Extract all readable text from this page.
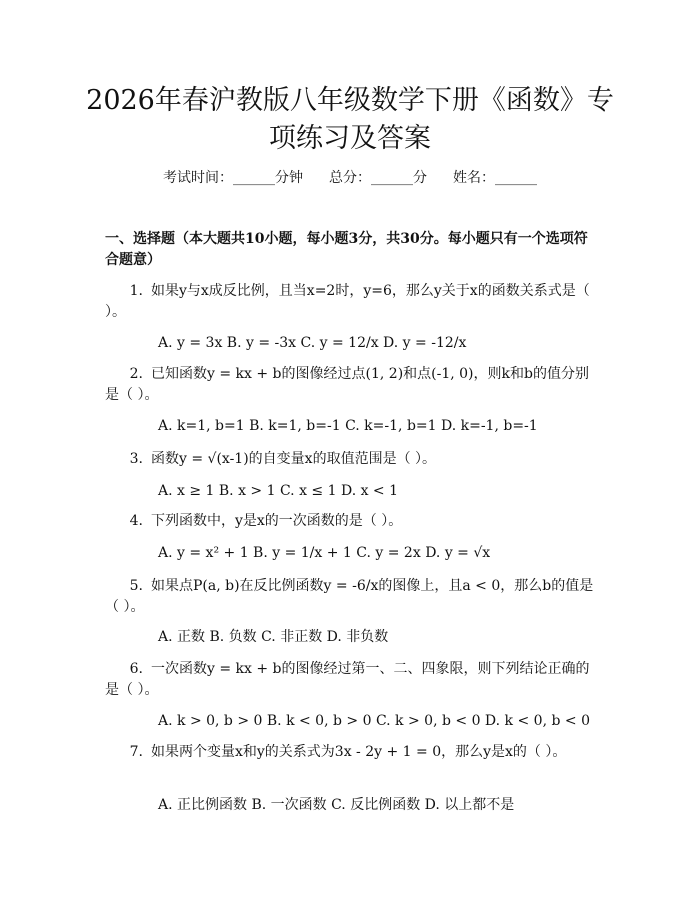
2026年春沪教版八年级数学下册《函数》专项练习及答案
考试时间：______分钟 总分：______分 姓名：______
一、选择题（本大题共10小题，每小题3分，共30分。每小题只有一个选项符合题意）
1. 如果y与x成反比例，且当x=2时，y=6，那么y关于x的函数关系式是（ ）。
A. y = 3x B. y = -3x C. y = 12/x D. y = -12/x
2. 已知函数y = kx + b的图像经过点(1, 2)和点(-1, 0)，则k和b的值分别是（ ）。
A. k=1, b=1 B. k=1, b=-1 C. k=-1, b=1 D. k=-1, b=-1
3. 函数y = √(x-1)的自变量x的取值范围是（ ）。
A. x ≥ 1 B. x > 1 C. x ≤ 1 D. x < 1
4. 下列函数中，y是x的一次函数的是（ ）。
A. y = x² + 1 B. y = 1/x + 1 C. y = 2x D. y = √x
5. 如果点P(a, b)在反比例函数y = -6/x的图像上，且a < 0，那么b的值是（ ）。
A. 正数 B. 负数 C. 非正数 D. 非负数
6. 一次函数y = kx + b的图像经过第一、二、四象限，则下列结论正确的是（ ）。
A. k > 0, b > 0 B. k < 0, b > 0 C. k > 0, b < 0 D. k < 0, b < 0
7. 如果两个变量x和y的关系式为3x - 2y + 1 = 0，那么y是x的（ ）。
A. 正比例函数 B. 一次函数 C. 反比例函数 D. 以上都不是
